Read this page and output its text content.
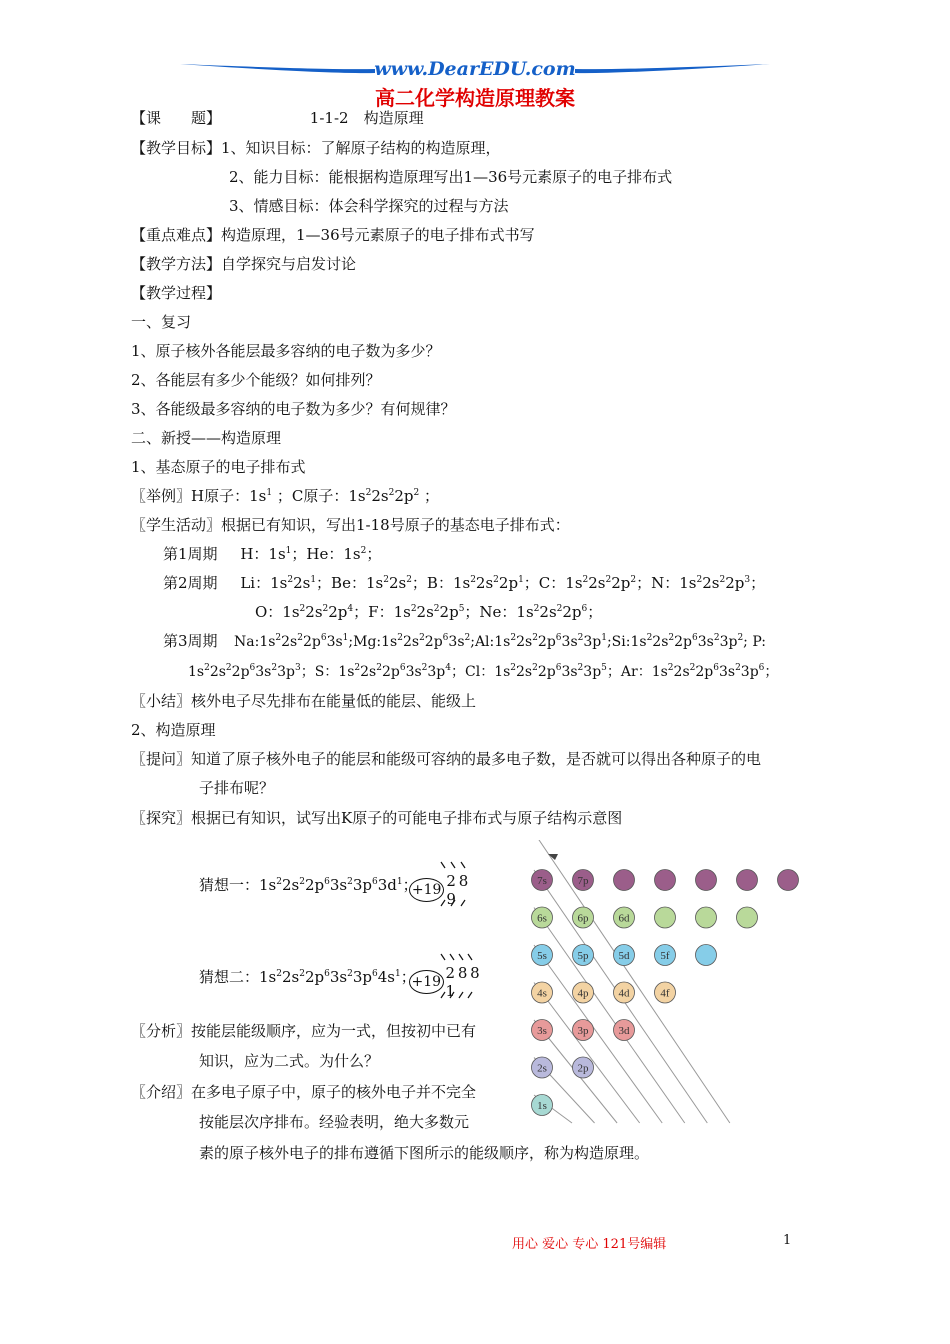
www.DearEDU.com
高二化学构造原理教案
【课　　题】	1-1-2　构造原理
【教学目标】1、知识目标：了解原子结构的构造原理，
2、能力目标：能根据构造原理写出1—36号元素原子的电子排布式
3、情感目标：体会科学探究的过程与方法
【重点难点】构造原理，1—36号元素原子的电子排布式书写
【教学方法】自学探究与启发讨论
【教学过程】
一、复习
1、原子核外各能层最多容纳的电子数为多少？
2、各能层有多少个能级？如何排列？
3、各能级最多容纳的电子数为多少？有何规律？
二、新授——构造原理
1、基态原子的电子排布式
〖举例〗H原子：$1s^1$ ；C原子：$1s^22s^22p^2$ ；
〖学生活动〗根据已有知识，写出1-18号原子的基态电子排布式：
第1周期 H：$1s^1$；He：$1s^2$；
第2周期 Li：$1s^22s^1$；Be：$1s^22s^2$；B：$1s^22s^22p^1$；C：$1s^22s^22p^2$；N：$1s^22s^22p^3$；
O：$1s^22s^22p^4$；F：$1s^22s^22p^5$；Ne：$1s^22s^22p^6$；
第3周期 $Na:1s^22s^22p^63s^1;Mg:1s^22s^22p^63s^2;Al:1s^22s^22p^63s^23p^1;Si:1s^22s^22p^63s^23p^2$; P:
$1s^22s^22p^63s^23p^3$；S：$1s^22s^22p^63s^23p^4$；Cl：$1s^22s^22p^63s^23p^5$；Ar：$1s^22s^22p^63s^23p^6$；
〖小结〗核外电子尽先排布在能量低的能层、能级上
2、构造原理
〖提问〗知道了原子核外电子的能层和能级可容纳的最多电子数，是否就可以得出各种原子的电
子排布呢？
〖探究〗根据已有知识，试写出K原子的可能电子排布式与原子结构示意图
猜想一：$1s^22s^22p^63s^23p^63d^1$；
+19 2 8 9
猜想二：$1s^22s^22p^63s^23p^64s^1$；
+19 2 8 8 1
〖分析〗按能层能级顺序，应为一式，但按初中已有
知识，应为二式。为什么？
〖介绍〗在多电子原子中，原子的核外电子并不完全
按能层次序排布。经验表明，绝大多数元
素的原子核外电子的排布遵循下图所示的能级顺序，称为构造原理。
7s	7p
6s	6p	6d
5s	5p	5d	5f
4s	4p	4d	4f
3s	3p	3d
2s	2p
1s
用心 爱心 专心 121号编辑	1
